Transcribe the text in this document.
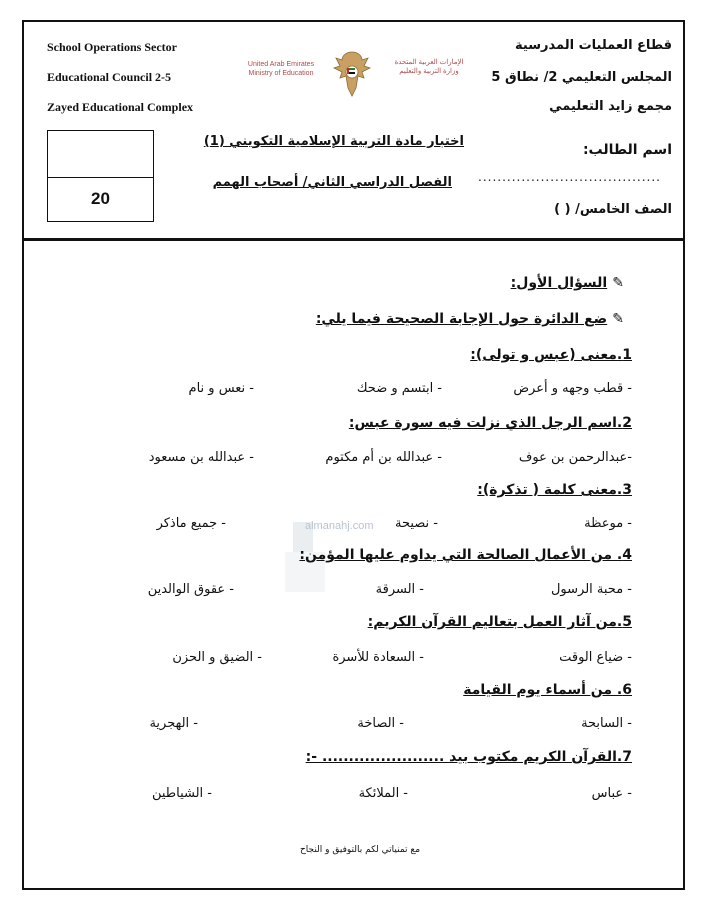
School Operations Sector
Educational Council 2-5
Zayed Educational Complex
United Arab Emirates
Ministry of Education
الإمارات العربية المتحدة
وزارة التربية والتعليم
قطاع العمليات المدرسية
المجلس التعليمي 2/ نطاق 5
مجمع زايد التعليمي
20
اختبار مادة التربية الإسلامية التكويني (1)
الفصل الدراسي الثاني/ أصحاب الهمم
اسم الطالب:
......................................
الصف الخامس/ ( )
✎ السؤال الأول:
✎ ضع الدائرة حول الإجابة الصحيحة فيما يلي:
1.معنى (عبس و تولى):
- قطب وجهه و أعرض
- ابتسم و ضحك
- نعس و نام
2.اسم الرجل الذي نزلت فيه سورة عبس:
-عبدالرحمن بن عوف
- عبدالله بن أم مكتوم
- عبدالله بن مسعود
3.معنى كلمة ( تذكرة):
- موعظة
- نصيحة
- جميع ماذكر	almanahj.com
4. من الأعمال الصالحة التي يداوم عليها المؤمن:
- محبة الرسول
- السرقة
- عقوق الوالدين
5.من آثار العمل بتعاليم القرآن الكريم:
- ضياع الوقت
- السعادة للأسرة
- الضيق و الحزن
6. من أسماء يوم القيامة
- السابحة
- الصاخة
- الهجرية
7.القرآن الكريم مكتوب بيد ....................... -:
- عباس
- الملائكة
- الشياطين
مع تمنياتي لكم بالتوفيق و النجاح
